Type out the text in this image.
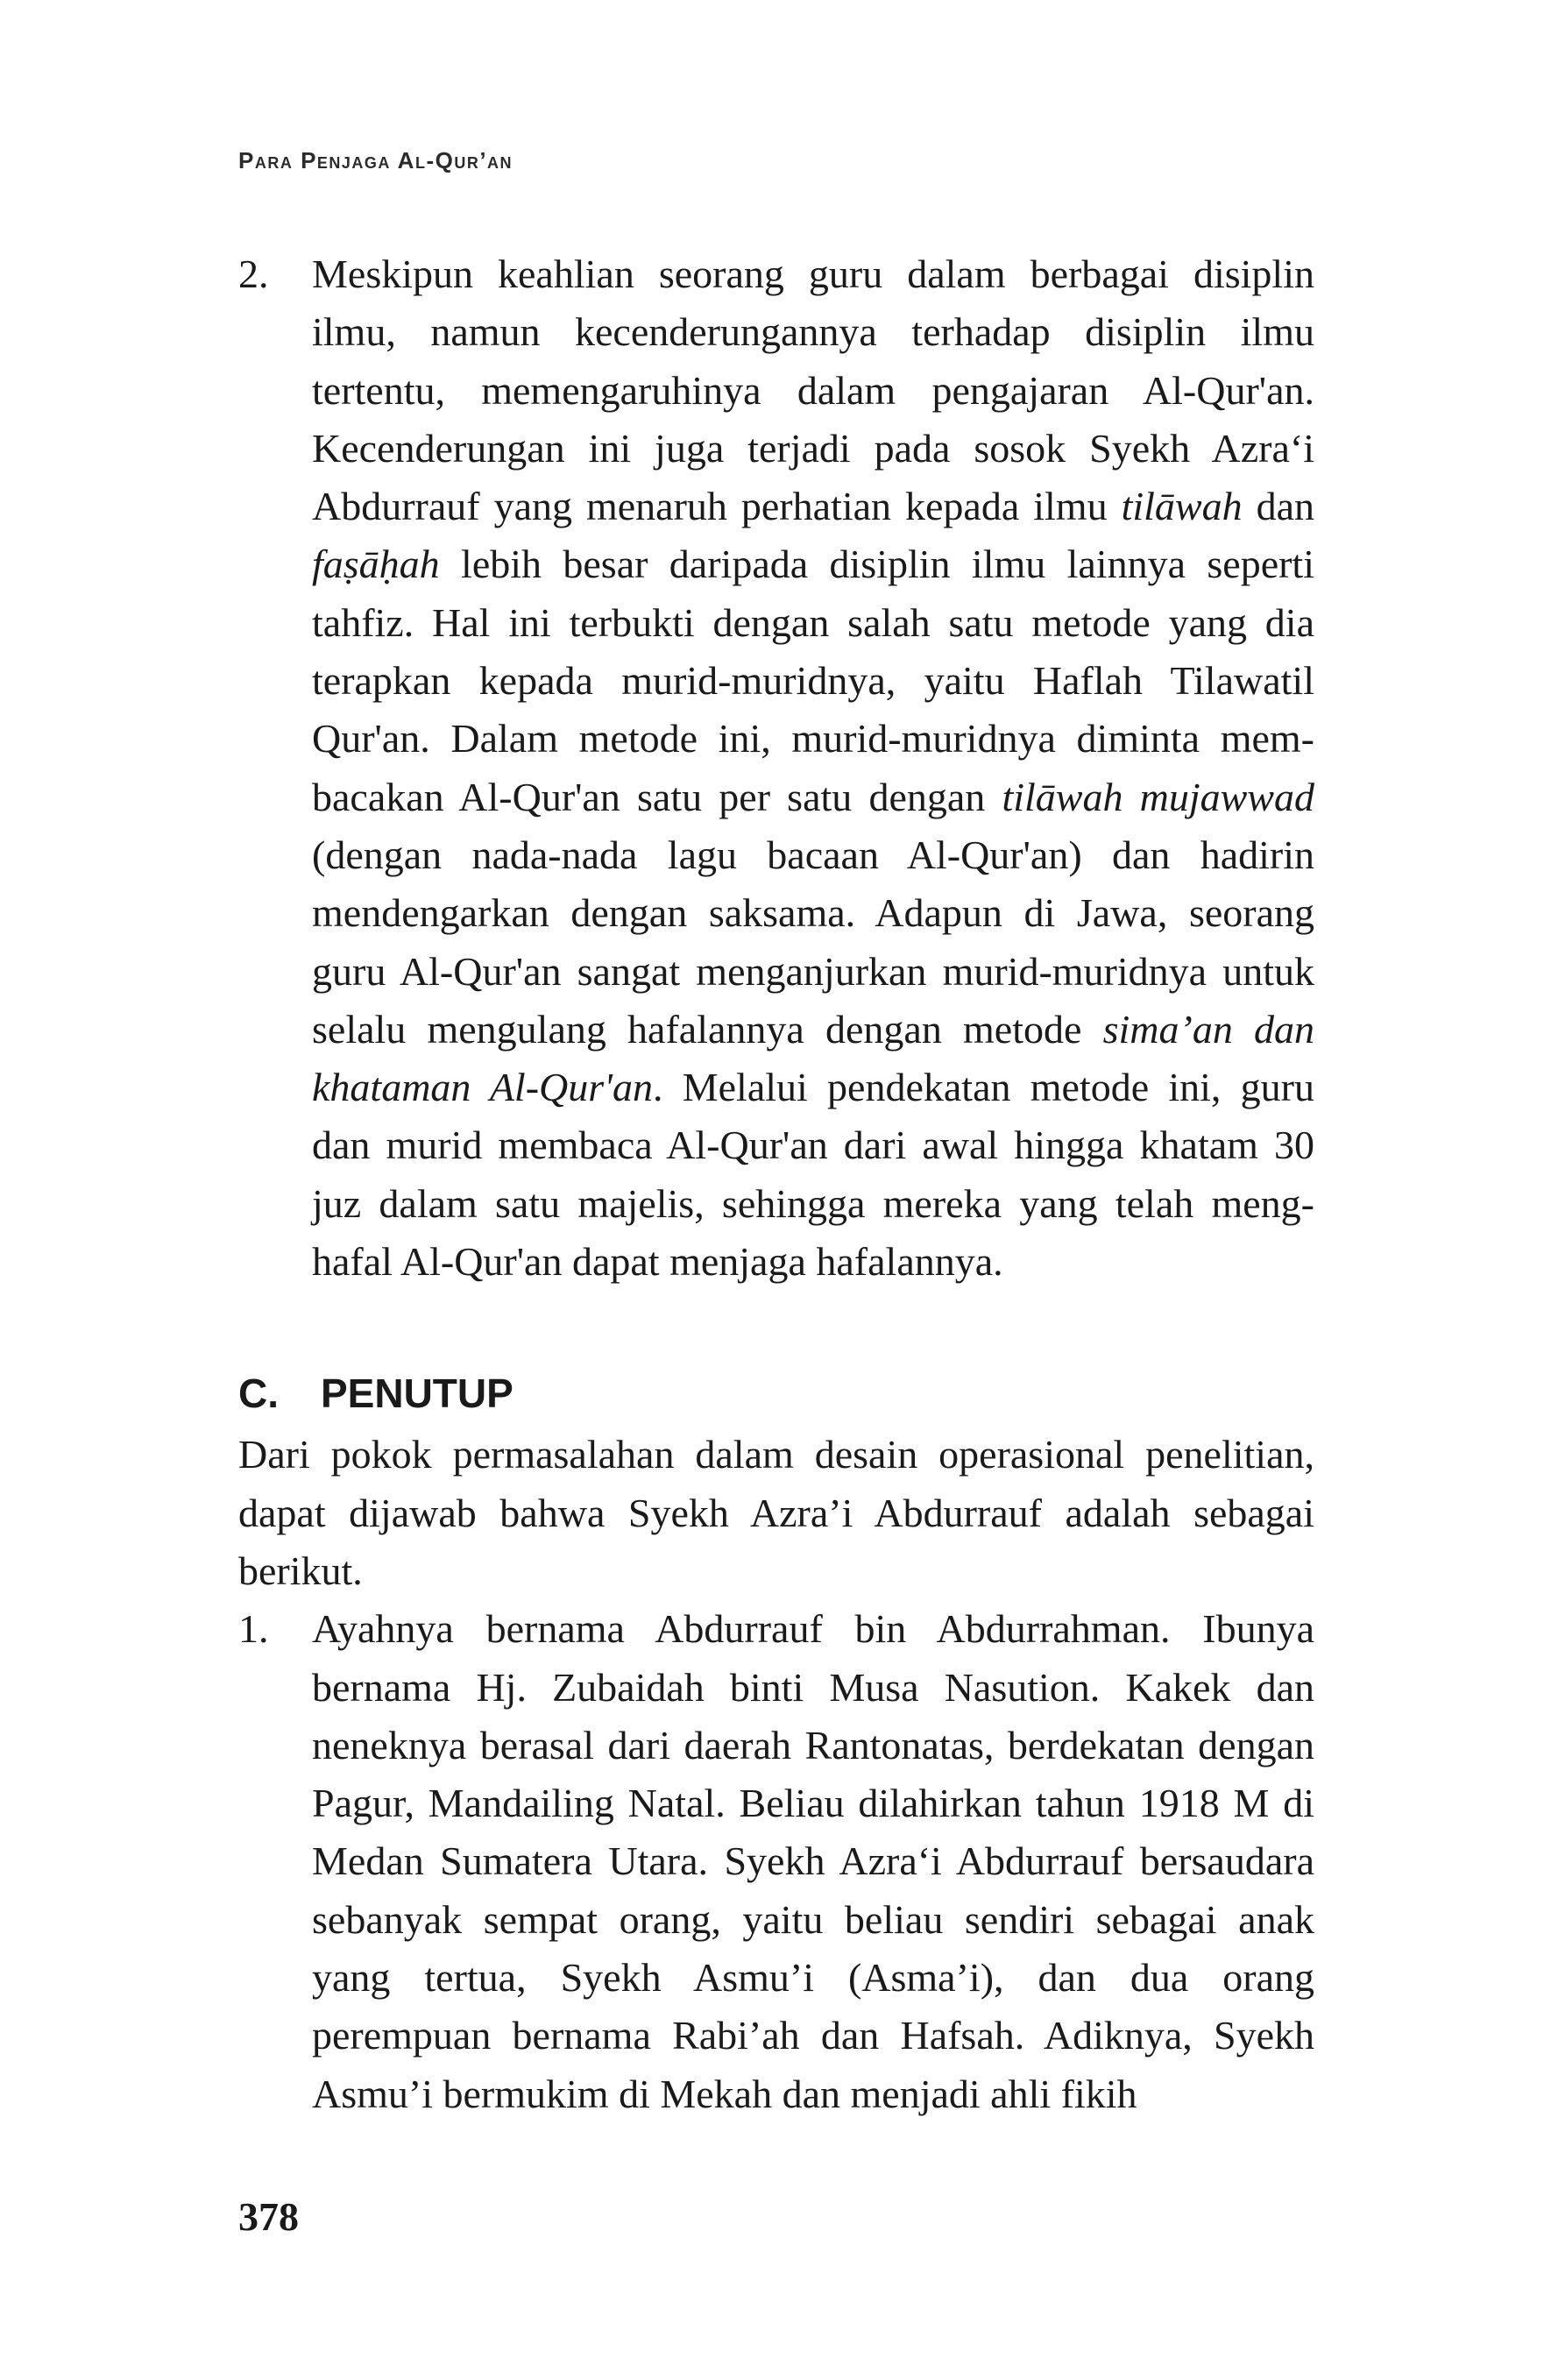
Para Penjaga Al-Qur’an
2. Meskipun keahlian seorang guru dalam berbagai disiplin ilmu, namun kecenderungannya terhadap disiplin ilmu tertentu, memengaruhinya dalam pengajaran Al-Qur'an. Kecenderungan ini juga terjadi pada sosok Syekh Azra‘i Abdurrauf yang menaruh perhatian kepada ilmu tilāwah dan faṣāḥah lebih besar daripada disiplin ilmu lainnya seperti tahfiz. Hal ini terbukti dengan salah satu metode yang dia terapkan kepada murid-muridnya, yaitu Haflah Tilawatil Qur'an. Dalam metode ini, murid-muridnya diminta mem-bacakan Al-Qur'an satu per satu dengan tilāwah mujawwad (dengan nada-nada lagu bacaan Al-Qur'an) dan hadirin mendengarkan dengan saksama. Adapun di Jawa, seorang guru Al-Qur'an sangat menganjurkan murid-muridnya untuk selalu mengulang hafalannya dengan metode sima’an dan khataman Al-Qur'an. Melalui pendekatan metode ini, guru dan murid membaca Al-Qur'an dari awal hingga khatam 30 juz dalam satu majelis, sehingga mereka yang telah meng-hafal Al-Qur'an dapat menjaga hafalannya.
C.	PENUTUP
Dari pokok permasalahan dalam desain operasional penelitian, dapat dijawab bahwa Syekh Azra’i Abdurrauf adalah sebagai berikut.
1. Ayahnya bernama Abdurrauf bin Abdurrahman. Ibunya bernama Hj. Zubaidah binti Musa Nasution. Kakek dan neneknya berasal dari daerah Rantonatas, berdekatan dengan Pagur, Mandailing Natal. Beliau dilahirkan tahun 1918 M di Medan Sumatera Utara. Syekh Azra‘i Abdurrauf bersaudara sebanyak sempat orang, yaitu beliau sendiri sebagai anak yang tertua, Syekh Asmu’i (Asma’i), dan dua orang perempuan bernama Rabi’ah dan Hafsah. Adiknya, Syekh Asmu’i bermukim di Mekah dan menjadi ahli fikih
378
